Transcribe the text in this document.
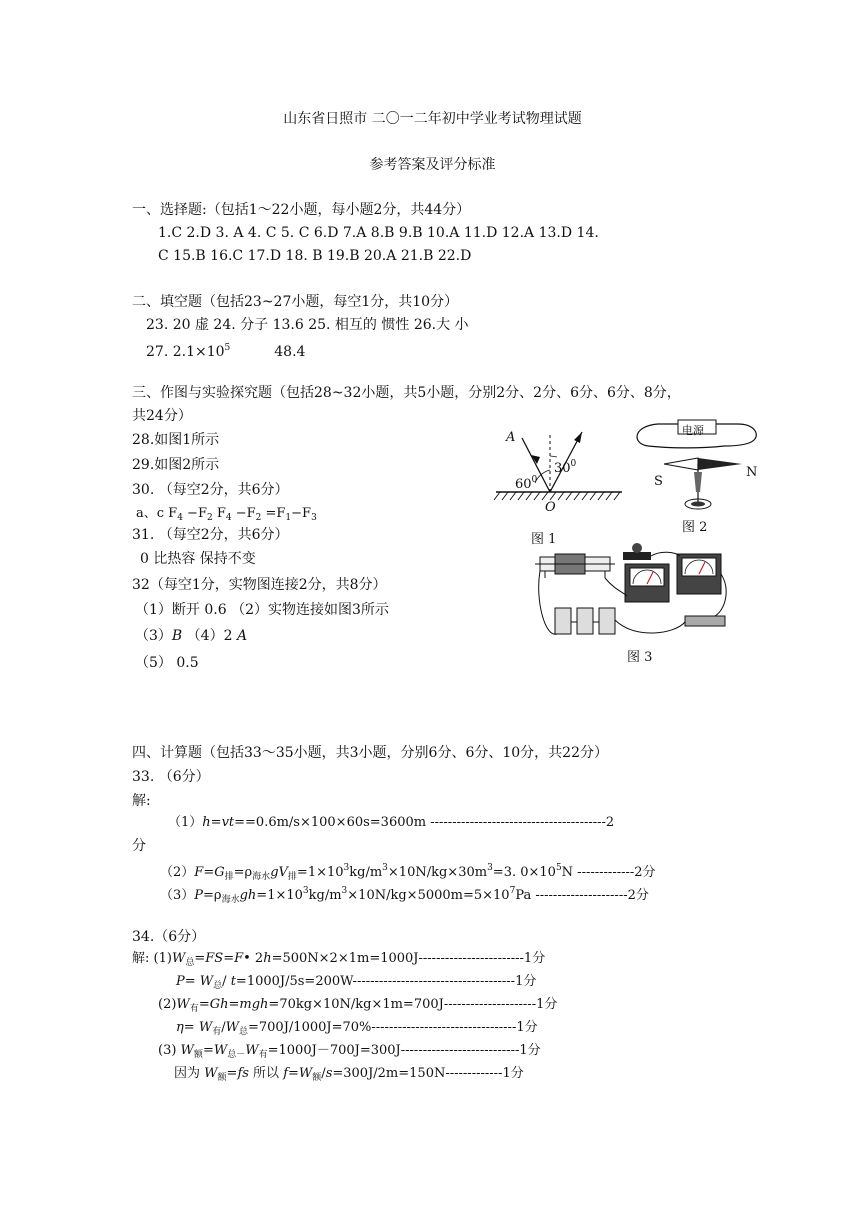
山东省日照市 二〇一二年初中学业考试物理试题
参考答案及评分标准
一、选择题:（包括1～22小题，每小题2分，共44分）
1.C 2.D 3. A 4. C 5. C 6.D 7.A 8.B 9.B 10.A 11.D 12.A 13.D 14.
C 15.B 16.C 17.D 18. B 19.B 20.A 21.B 22.D
二、填空题（包括23~27小题，每空1分，共10分）
23. 20 虚 24. 分子 13.6 25. 相互的 惯性 26.大 小
27. $2.1\times 10^5$	48.4
三、作图与实验探究题（包括28~32小题，共5小题，分别2分、2分、6分、6分、8分，
共24分）
28.如图1所示
29.如图2所示
30. （每空2分，共6分）
a、c $F_4 -F_2$ $F_4 -F_2 =F_1-F_3$
31. （每空2分，共6分）
0 比热容 保持不变
32（每空1分，实物图连接2分，共8分）
（1）断开 0.6 （2）实物连接如图3所示
（3）B （4）2 A
（5） 0.5
A
$60^0$
$30^0$
O
图 1
电源
S
N
图 2
图 3
四、计算题（包括33～35小题，共3小题，分别6分、6分、10分，共22分）
33. （6分）
解:
（1）h=vt==0.6m/s×100×60s=3600m ----------------------------------------2
分
$(2)F=G_排=\rho_{海水}gV_排=1\times 10^3kg/m^3\times 10N/kg\times 30m^3=3$. $0\times 10^5N$ -------------2分
$(3)P=\rho_{海水}gh=1\times 10^3kg/m^3\times 10N/kg\times 5000m=5\times 10^7Pa$ ---------------------2分
34.（6分）
解: $(1)W_总=FS=F•$ 2h=500N×2×1m=1000J------------------------1分
$P= W_总/$ t=1000J/5s=200W-------------------------------------1分
$(2)W_有=Gh=mgh=70kg\times 10N/kg\times 1m=700J---------------------1$分
$\eta= W_有/W_总=700J/1000J=70\%---------------------------------1$分
(3) $W_额=W_{总-}W_有=1000J-700J=300J---------------------------1$分
因为 $W_额=fs$ 所以 $f=W_额/s=300J/2m=150N-------------1$分
